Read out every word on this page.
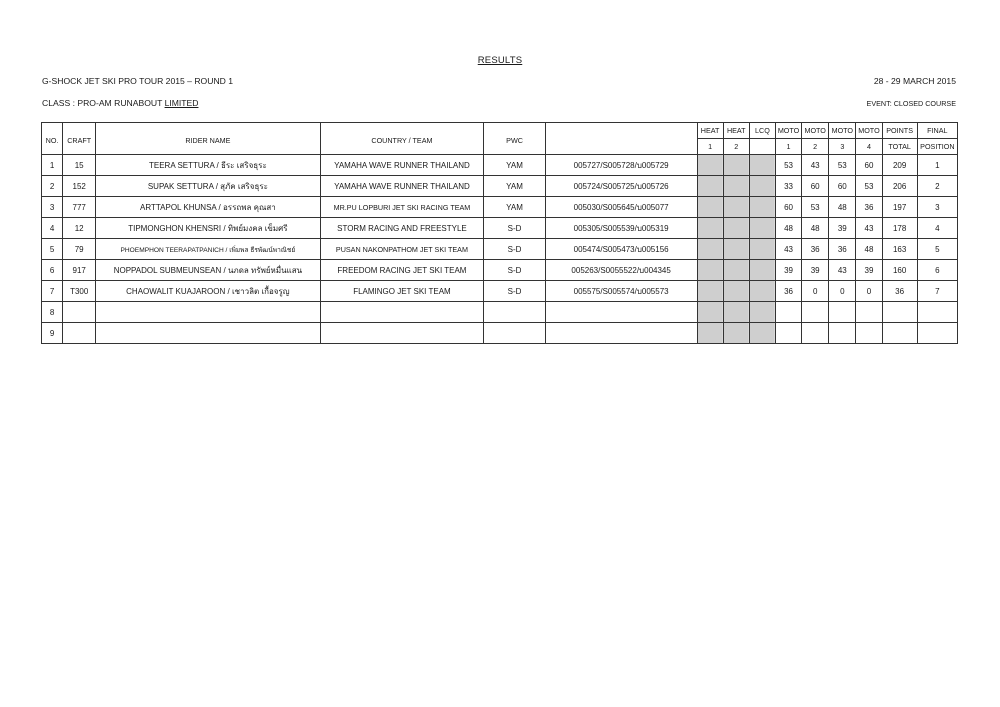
RESULTS
G-SHOCK JET SKI PRO TOUR 2015 – ROUND 1	28 - 29 MARCH 2015
CLASS : PRO-AM RUNABOUT LIMITED	EVENT: CLOSED COURSE
NO.	CRAFT	RIDER NAME	COUNTRY / TEAM	PWC		HEAT	HEAT	LCQ	MOTO	MOTO	MOTO	MOTO	POINTS	FINAL
						1	2		1	2	3	4	TOTAL	POSITION
1	15	TEERA SETTURA / ธีระ เสริจธุระ	YAMAHA WAVE RUNNER THAILAND	YAM	005727/S005728/บ005729				53	43	53	60	209	1
2	152	SUPAK SETTURA / สุภัค เสริจธุระ	YAMAHA WAVE RUNNER THAILAND	YAM	005724/S005725/บ005726				33	60	60	53	206	2
3	777	ARTTAPOL KHUNSA / อรรถพล คุณสา	MR.PU LOPBURI JET SKI RACING TEAM	YAM	005030/S005645/บ005077				60	53	48	36	197	3
4	12	TIPMONGHON KHENSRI / ทิพย์มงคล เข็มศรี	STORM RACING AND FREESTYLE	S-D	005305/S005539/บ005319				48	48	39	43	178	4
5	79	PHOEMPHON TEERAPATPANICH / เพิ่มพล ธีรพัฒน์พาณิชย์	PUSAN NAKONPATHOM JET SKI TEAM	S-D	005474/S005473/บ005156				43	36	36	48	163	5
6	917	NOPPADOL SUBMEUNSEAN / นภดล ทรัพย์หมื่นแสน	FREEDOM RACING JET SKI TEAM	S-D	005263/S0055522/บ004345				39	39	43	39	160	6
7	T300	CHAOWALIT KUAJAROON / เชาวลิต เกื้อจรูญ	FLAMINGO JET SKI TEAM	S-D	005575/S005574/บ005573				36	0	0	0	36	7
8														
9														
